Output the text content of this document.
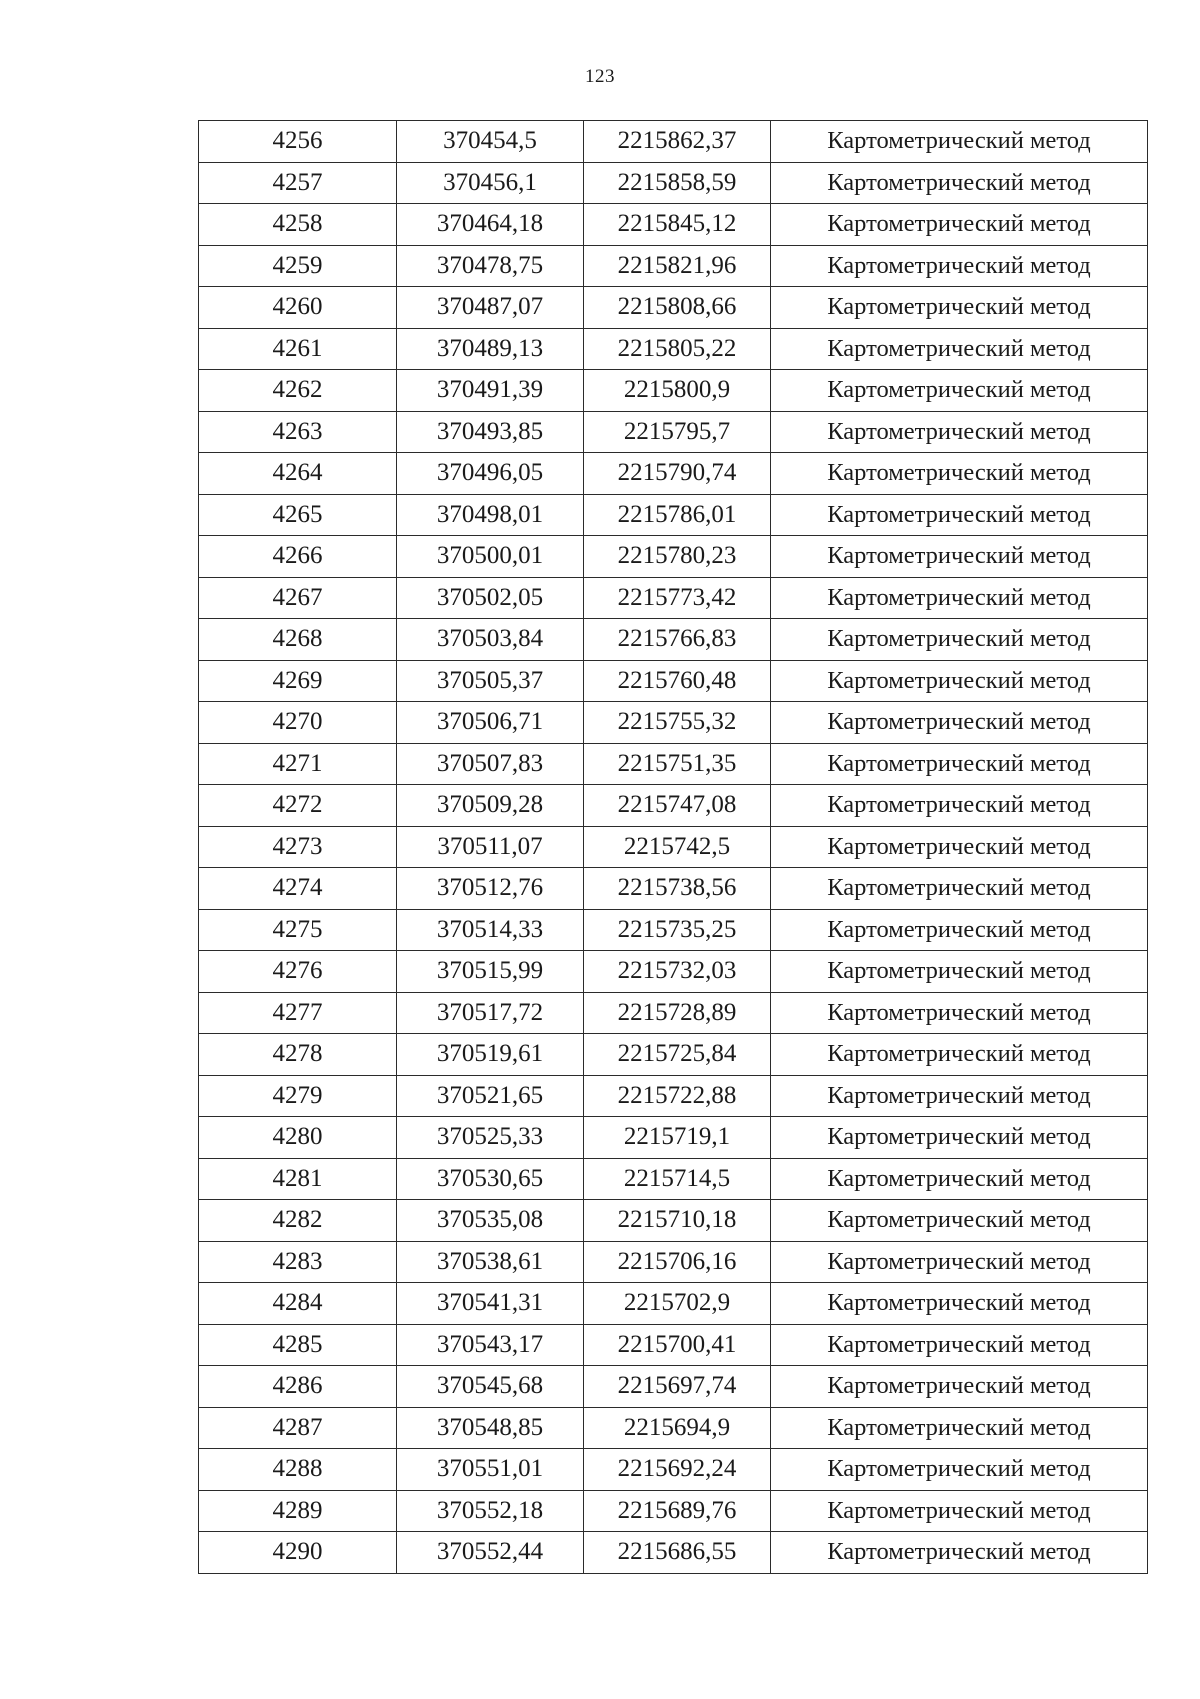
123
4256	370454,5	2215862,37	Картометрический метод
4257	370456,1	2215858,59	Картометрический метод
4258	370464,18	2215845,12	Картометрический метод
4259	370478,75	2215821,96	Картометрический метод
4260	370487,07	2215808,66	Картометрический метод
4261	370489,13	2215805,22	Картометрический метод
4262	370491,39	2215800,9	Картометрический метод
4263	370493,85	2215795,7	Картометрический метод
4264	370496,05	2215790,74	Картометрический метод
4265	370498,01	2215786,01	Картометрический метод
4266	370500,01	2215780,23	Картометрический метод
4267	370502,05	2215773,42	Картометрический метод
4268	370503,84	2215766,83	Картометрический метод
4269	370505,37	2215760,48	Картометрический метод
4270	370506,71	2215755,32	Картометрический метод
4271	370507,83	2215751,35	Картометрический метод
4272	370509,28	2215747,08	Картометрический метод
4273	370511,07	2215742,5	Картометрический метод
4274	370512,76	2215738,56	Картометрический метод
4275	370514,33	2215735,25	Картометрический метод
4276	370515,99	2215732,03	Картометрический метод
4277	370517,72	2215728,89	Картометрический метод
4278	370519,61	2215725,84	Картометрический метод
4279	370521,65	2215722,88	Картометрический метод
4280	370525,33	2215719,1	Картометрический метод
4281	370530,65	2215714,5	Картометрический метод
4282	370535,08	2215710,18	Картометрический метод
4283	370538,61	2215706,16	Картометрический метод
4284	370541,31	2215702,9	Картометрический метод
4285	370543,17	2215700,41	Картометрический метод
4286	370545,68	2215697,74	Картометрический метод
4287	370548,85	2215694,9	Картометрический метод
4288	370551,01	2215692,24	Картометрический метод
4289	370552,18	2215689,76	Картометрический метод
4290	370552,44	2215686,55	Картометрический метод
